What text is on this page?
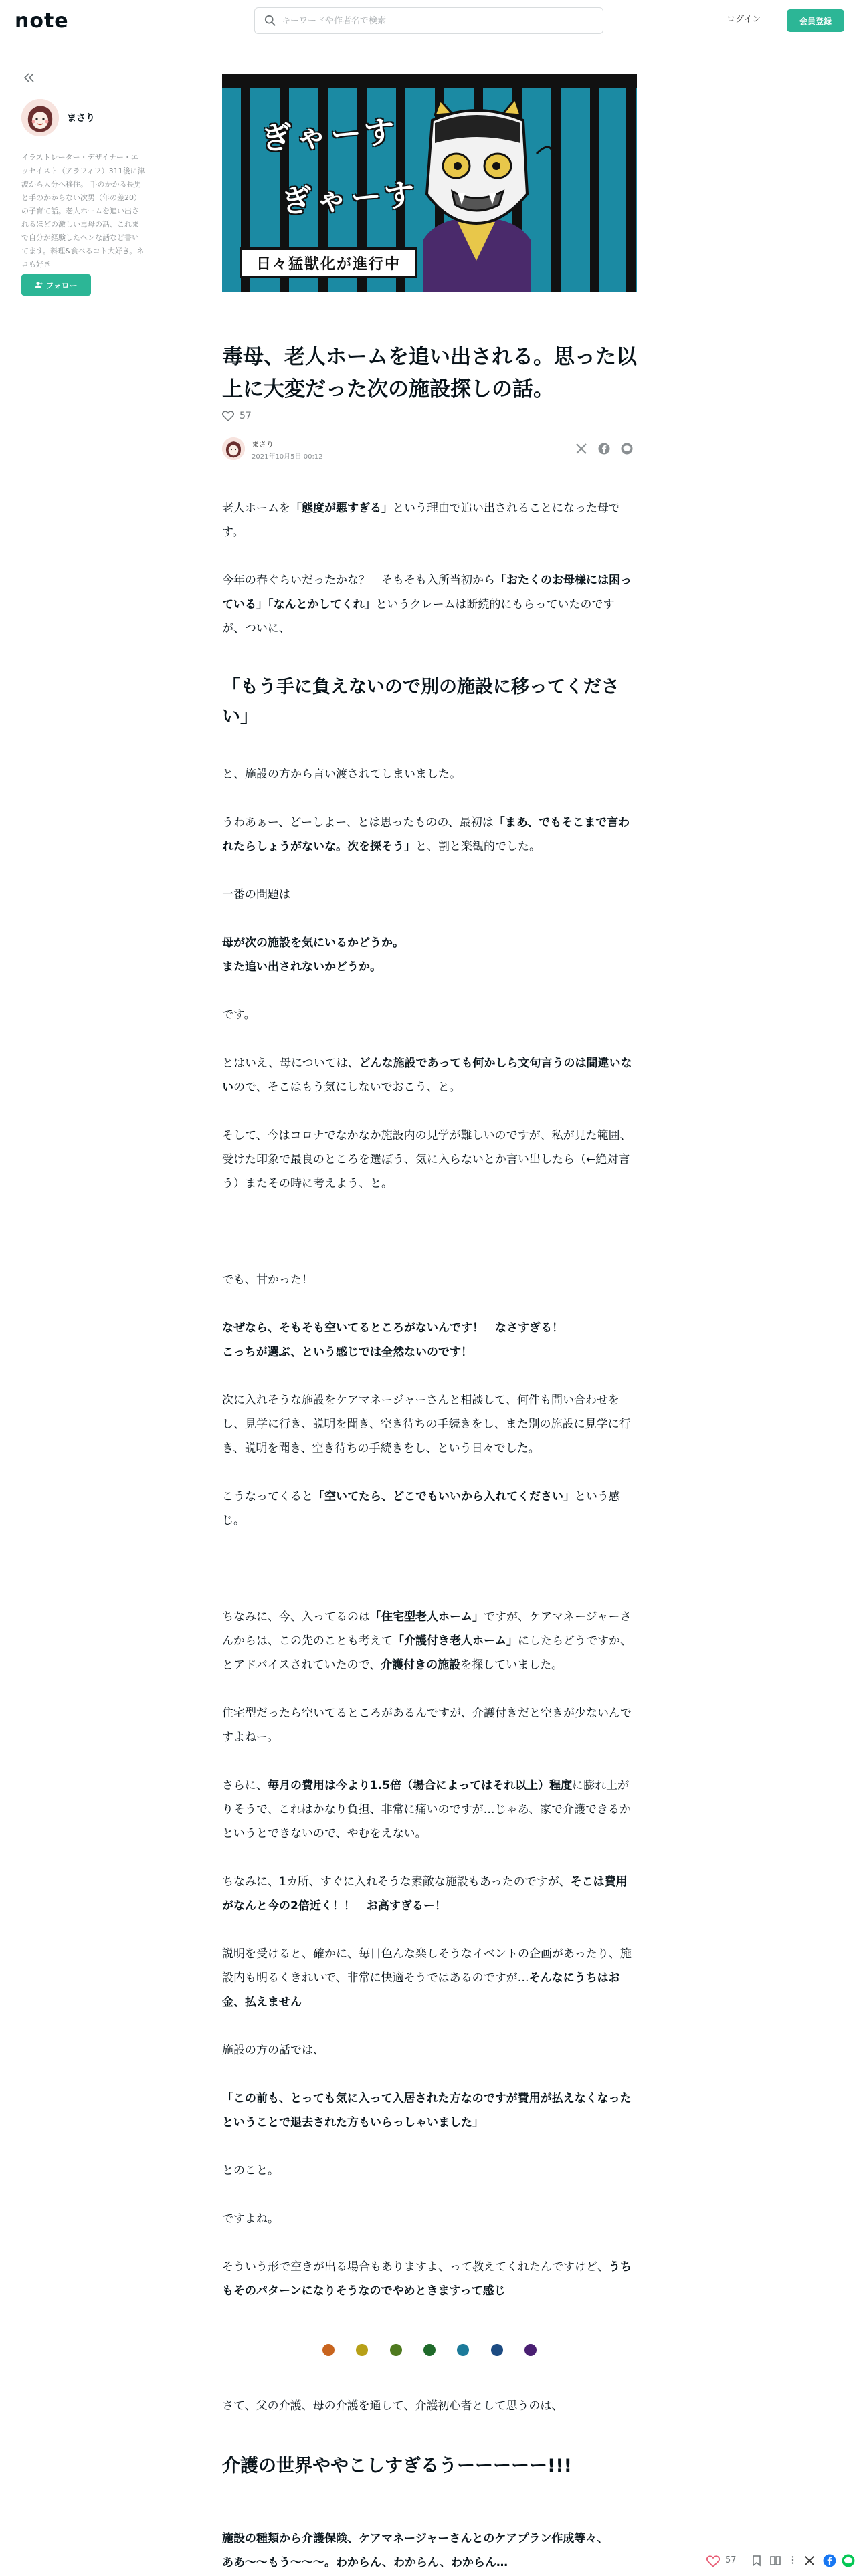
note
キーワードや作者名で検索	ログイン	会員登録
まさり
イラストレーター・デザイナー・エッセイスト（アラフィフ）311後に津波から大分へ移住。 手のかかる長男と手のかからない次男（年の差20）の子育て話。老人ホームを追い出されるほどの激しい毒母の話、これまで自分が経験したヘンな話など書いてます。料理&食べるコト大好き。ネコも好き
フォロー
ぎゃーす
ぎゃーす
日々猛獣化が進行中
毒母、老人ホームを追い出される。思った以上に大変だった次の施設探しの話。
57
まさり
2021年10月5日 00:12

老人ホームを「態度が悪すぎる」という理由で追い出されることになった母です。

今年の春ぐらいだったかな？　そもそも入所当初から「おたくのお母様には困っている」「なんとかしてくれ」というクレームは断続的にもらっていたのですが、ついに、

「もう手に負えないので別の施設に移ってください」

と、施設の方から言い渡されてしまいました。

うわあぁー、どーしよー、とは思ったものの、最初は「まあ、でもそこまで言われたらしょうがないな。次を探そう」と、割と楽観的でした。

一番の問題は

母が次の施設を気にいるかどうか。
また追い出されないかどうか。

です。

とはいえ、母については、どんな施設であっても何かしら文句言うのは間違いないので、そこはもう気にしないでおこう、と。

そして、今はコロナでなかなか施設内の見学が難しいのですが、私が見た範囲、受けた印象で最良のところを選ぼう、気に入らないとか言い出したら（←絶対言う）またその時に考えよう、と。

でも、甘かった！

なぜなら、そもそも空いてるところがないんです！　なさすぎる！
こっちが選ぶ、という感じでは全然ないのです！

次に入れそうな施設をケアマネージャーさんと相談して、何件も問い合わせをし、見学に行き、説明を聞き、空き待ちの手続きをし、また別の施設に見学に行き、説明を聞き、空き待ちの手続きをし、という日々でした。

こうなってくると「空いてたら、どこでもいいから入れてください」という感じ。

ちなみに、今、入ってるのは「住宅型老人ホーム」ですが、ケアマネージャーさんからは、この先のことも考えて「介護付き老人ホーム」にしたらどうですか、とアドバイスされていたので、介護付きの施設を探していました。

住宅型だったら空いてるところがあるんですが、介護付きだと空きが少ないんですよねー。

さらに、毎月の費用は今より1.5倍（場合によってはそれ以上）程度に膨れ上がりそうで、これはかなり負担、非常に痛いのですが…じゃあ、家で介護できるかというとできないので、やむをえない。

ちなみに、1カ所、すぐに入れそうな素敵な施設もあったのですが、そこは費用がなんと今の2倍近く！！　お高すぎるー！

説明を受けると、確かに、毎日色んな楽しそうなイベントの企画があったり、施設内も明るくきれいで、非常に快適そうではあるのですが…そんなにうちはお金、払えません

施設の方の話では、

「この前も、とっても気に入って入居された方なのですが費用が払えなくなったということで退去された方もいらっしゃいました」

とのこと。

ですよね。

そういう形で空きが出る場合もありますよ、って教えてくれたんですけど、うちもそのパターンになりそうなのでやめときますって感じ

さて、父の介護、母の介護を通して、介護初心者として思うのは、

介護の世界ややこしすぎるうーーーーー!!!

施設の種類から介護保険、ケアマネージャーさんとのケアプラン作成等々、
ああ～～もう～～～。わからん、わからん、わからん…	57
